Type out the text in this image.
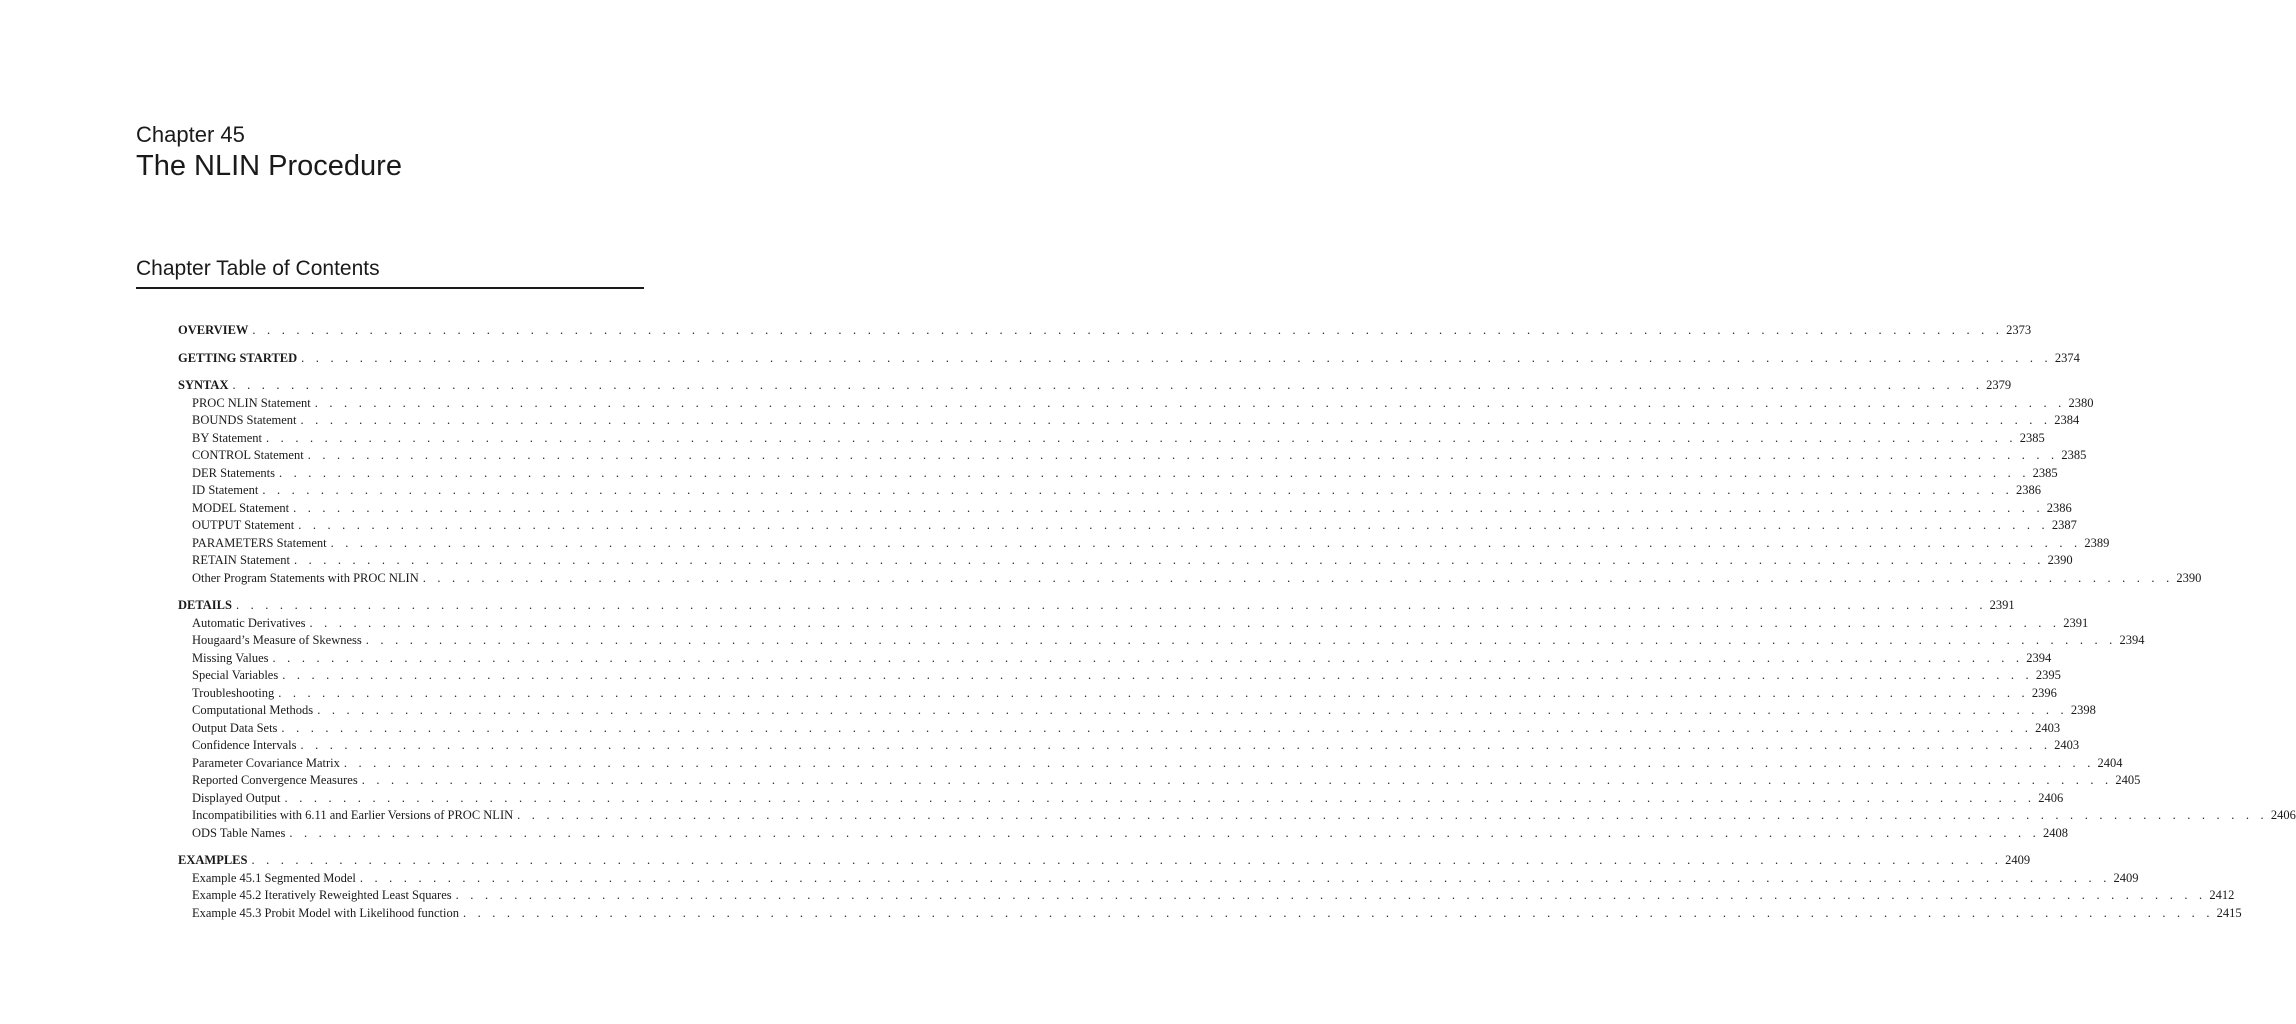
Chapter 45
The NLIN Procedure
Chapter Table of Contents
OVERVIEW . . . . . . . . . . . . . . . . . . . . . . . . . . . . . . . . . . . . . . . . . . . . . . . . . . . . . . . . . . . . . . . . . . . . . . . . . . . . . . . . . . . . . . . . . . . . . . . . . . . . . . . . . . . . . . . . . . . . . . . . 2373
GETTING STARTED . . . . . . . . . . . . . . . . . . . . . . . . . . . . . . . . . . . . . . . . . . . . . . . . . . . . . . . . . . . . . . . . . . . . . . . . . . . . . . . . . . . . . . . . . . . . . . . . . . . . . . . . . . . . . . . . . . . . . . . . 2374
SYNTAX . . . . . . . . . . . . . . . . . . . . . . . . . . . . . . . . . . . . . . . . . . . . . . . . . . . . . . . . . . . . . . . . . . . . . . . . . . . . . . . . . . . . . . . . . . . . . . . . . . . . . . . . . . . . . . . . . . . . . . . . 2379
PROC NLIN Statement . . . . . . . . . . . . . . . . . . . . . . . . . . . . . . . . . . . . . . . . . . . . . . . . . . . . . . . . . . . . . . . . . . . . . . . . . . . . . . . . . . . . . . . . . . . . . . . . . . . . . . . . . . . . . . . . . . . . . . . . 2380
BOUNDS Statement . . . . . . . . . . . . . . . . . . . . . . . . . . . . . . . . . . . . . . . . . . . . . . . . . . . . . . . . . . . . . . . . . . . . . . . . . . . . . . . . . . . . . . . . . . . . . . . . . . . . . . . . . . . . . . . . . . . . . . . . 2384
BY Statement . . . . . . . . . . . . . . . . . . . . . . . . . . . . . . . . . . . . . . . . . . . . . . . . . . . . . . . . . . . . . . . . . . . . . . . . . . . . . . . . . . . . . . . . . . . . . . . . . . . . . . . . . . . . . . . . . . . . . . . . 2385
CONTROL Statement . . . . . . . . . . . . . . . . . . . . . . . . . . . . . . . . . . . . . . . . . . . . . . . . . . . . . . . . . . . . . . . . . . . . . . . . . . . . . . . . . . . . . . . . . . . . . . . . . . . . . . . . . . . . . . . . . . . . . . . . 2385
DER Statements . . . . . . . . . . . . . . . . . . . . . . . . . . . . . . . . . . . . . . . . . . . . . . . . . . . . . . . . . . . . . . . . . . . . . . . . . . . . . . . . . . . . . . . . . . . . . . . . . . . . . . . . . . . . . . . . . . . . . . . . 2385
ID Statement . . . . . . . . . . . . . . . . . . . . . . . . . . . . . . . . . . . . . . . . . . . . . . . . . . . . . . . . . . . . . . . . . . . . . . . . . . . . . . . . . . . . . . . . . . . . . . . . . . . . . . . . . . . . . . . . . . . . . . . . 2386
MODEL Statement . . . . . . . . . . . . . . . . . . . . . . . . . . . . . . . . . . . . . . . . . . . . . . . . . . . . . . . . . . . . . . . . . . . . . . . . . . . . . . . . . . . . . . . . . . . . . . . . . . . . . . . . . . . . . . . . . . . . . . . . 2386
OUTPUT Statement . . . . . . . . . . . . . . . . . . . . . . . . . . . . . . . . . . . . . . . . . . . . . . . . . . . . . . . . . . . . . . . . . . . . . . . . . . . . . . . . . . . . . . . . . . . . . . . . . . . . . . . . . . . . . . . . . . . . . . . . 2387
PARAMETERS Statement . . . . . . . . . . . . . . . . . . . . . . . . . . . . . . . . . . . . . . . . . . . . . . . . . . . . . . . . . . . . . . . . . . . . . . . . . . . . . . . . . . . . . . . . . . . . . . . . . . . . . . . . . . . . . . . . . . . . . . . . 2389
RETAIN Statement . . . . . . . . . . . . . . . . . . . . . . . . . . . . . . . . . . . . . . . . . . . . . . . . . . . . . . . . . . . . . . . . . . . . . . . . . . . . . . . . . . . . . . . . . . . . . . . . . . . . . . . . . . . . . . . . . . . . . . . . 2390
Other Program Statements with PROC NLIN . . . . . . . . . . . . . . . . . . . . . . . . . . . . . . . . . . . . . . . . . . . . . . . . . . . . . . . . . . . . . . . . . . . . . . . . . . . . . . . . . . . . . . . . . . . . . . . . . . . . . . . . . . . . . . . . . . . . . . . . 2390
DETAILS . . . . . . . . . . . . . . . . . . . . . . . . . . . . . . . . . . . . . . . . . . . . . . . . . . . . . . . . . . . . . . . . . . . . . . . . . . . . . . . . . . . . . . . . . . . . . . . . . . . . . . . . . . . . . . . . . . . . . . . . 2391
Automatic Derivatives . . . . . . . . . . . . . . . . . . . . . . . . . . . . . . . . . . . . . . . . . . . . . . . . . . . . . . . . . . . . . . . . . . . . . . . . . . . . . . . . . . . . . . . . . . . . . . . . . . . . . . . . . . . . . . . . . . . . . . . . 2391
Hougaard’s Measure of Skewness . . . . . . . . . . . . . . . . . . . . . . . . . . . . . . . . . . . . . . . . . . . . . . . . . . . . . . . . . . . . . . . . . . . . . . . . . . . . . . . . . . . . . . . . . . . . . . . . . . . . . . . . . . . . . . . . . . . . . . . . 2394
Missing Values . . . . . . . . . . . . . . . . . . . . . . . . . . . . . . . . . . . . . . . . . . . . . . . . . . . . . . . . . . . . . . . . . . . . . . . . . . . . . . . . . . . . . . . . . . . . . . . . . . . . . . . . . . . . . . . . . . . . . . . . 2394
Special Variables . . . . . . . . . . . . . . . . . . . . . . . . . . . . . . . . . . . . . . . . . . . . . . . . . . . . . . . . . . . . . . . . . . . . . . . . . . . . . . . . . . . . . . . . . . . . . . . . . . . . . . . . . . . . . . . . . . . . . . . . 2395
Troubleshooting . . . . . . . . . . . . . . . . . . . . . . . . . . . . . . . . . . . . . . . . . . . . . . . . . . . . . . . . . . . . . . . . . . . . . . . . . . . . . . . . . . . . . . . . . . . . . . . . . . . . . . . . . . . . . . . . . . . . . . . . 2396
Computational Methods . . . . . . . . . . . . . . . . . . . . . . . . . . . . . . . . . . . . . . . . . . . . . . . . . . . . . . . . . . . . . . . . . . . . . . . . . . . . . . . . . . . . . . . . . . . . . . . . . . . . . . . . . . . . . . . . . . . . . . . . 2398
Output Data Sets . . . . . . . . . . . . . . . . . . . . . . . . . . . . . . . . . . . . . . . . . . . . . . . . . . . . . . . . . . . . . . . . . . . . . . . . . . . . . . . . . . . . . . . . . . . . . . . . . . . . . . . . . . . . . . . . . . . . . . . . 2403
Confidence Intervals . . . . . . . . . . . . . . . . . . . . . . . . . . . . . . . . . . . . . . . . . . . . . . . . . . . . . . . . . . . . . . . . . . . . . . . . . . . . . . . . . . . . . . . . . . . . . . . . . . . . . . . . . . . . . . . . . . . . . . . . 2403
Parameter Covariance Matrix . . . . . . . . . . . . . . . . . . . . . . . . . . . . . . . . . . . . . . . . . . . . . . . . . . . . . . . . . . . . . . . . . . . . . . . . . . . . . . . . . . . . . . . . . . . . . . . . . . . . . . . . . . . . . . . . . . . . . . . . 2404
Reported Convergence Measures . . . . . . . . . . . . . . . . . . . . . . . . . . . . . . . . . . . . . . . . . . . . . . . . . . . . . . . . . . . . . . . . . . . . . . . . . . . . . . . . . . . . . . . . . . . . . . . . . . . . . . . . . . . . . . . . . . . . . . . . 2405
Displayed Output . . . . . . . . . . . . . . . . . . . . . . . . . . . . . . . . . . . . . . . . . . . . . . . . . . . . . . . . . . . . . . . . . . . . . . . . . . . . . . . . . . . . . . . . . . . . . . . . . . . . . . . . . . . . . . . . . . . . . . . . 2406
Incompatibilities with 6.11 and Earlier Versions of PROC NLIN . . . . . . . . . . . . . . . . . . . . . . . . . . . . . . . . . . . . . . . . . . . . . . . . . . . . . . . . . . . . . . . . . . . . . . . . . . . . . . . . . . . . . . . . . . . . . . . . . . . . . . . . . . . . . . . . . . . . . . . . 2406
ODS Table Names . . . . . . . . . . . . . . . . . . . . . . . . . . . . . . . . . . . . . . . . . . . . . . . . . . . . . . . . . . . . . . . . . . . . . . . . . . . . . . . . . . . . . . . . . . . . . . . . . . . . . . . . . . . . . . . . . . . . . . . . 2408
EXAMPLES . . . . . . . . . . . . . . . . . . . . . . . . . . . . . . . . . . . . . . . . . . . . . . . . . . . . . . . . . . . . . . . . . . . . . . . . . . . . . . . . . . . . . . . . . . . . . . . . . . . . . . . . . . . . . . . . . . . . . . . . 2409
Example 45.1 Segmented Model . . . . . . . . . . . . . . . . . . . . . . . . . . . . . . . . . . . . . . . . . . . . . . . . . . . . . . . . . . . . . . . . . . . . . . . . . . . . . . . . . . . . . . . . . . . . . . . . . . . . . . . . . . . . . . . . . . . . . . . . 2409
Example 45.2 Iteratively Reweighted Least Squares . . . . . . . . . . . . . . . . . . . . . . . . . . . . . . . . . . . . . . . . . . . . . . . . . . . . . . . . . . . . . . . . . . . . . . . . . . . . . . . . . . . . . . . . . . . . . . . . . . . . . . . . . . . . . . . . . . . . . . . . 2412
Example 45.3 Probit Model with Likelihood function . . . . . . . . . . . . . . . . . . . . . . . . . . . . . . . . . . . . . . . . . . . . . . . . . . . . . . . . . . . . . . . . . . . . . . . . . . . . . . . . . . . . . . . . . . . . . . . . . . . . . . . . . . . . . . . . . . . . . . . . 2415
